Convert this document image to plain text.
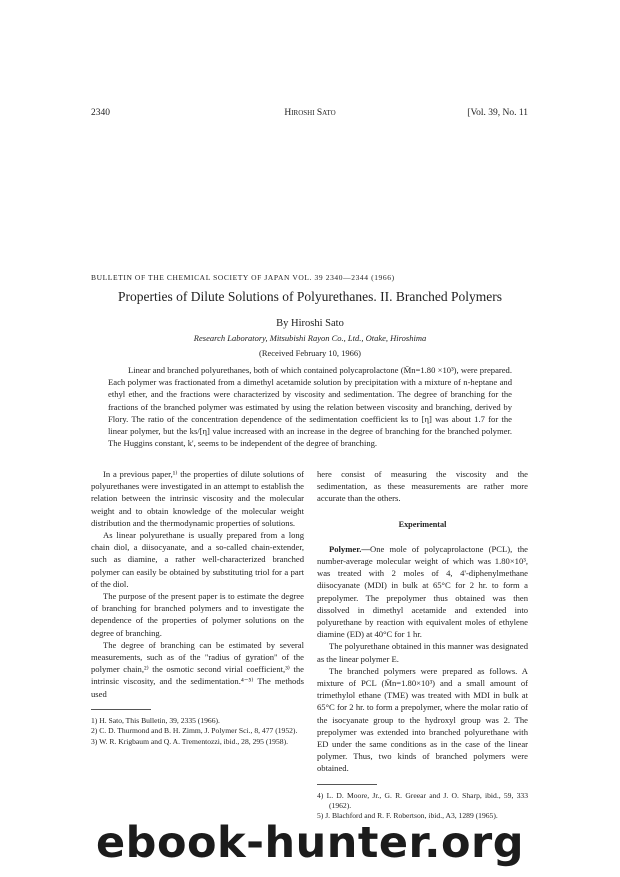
2340	Hiroshi Sato	[Vol. 39, No. 11
BULLETIN OF THE CHEMICAL SOCIETY OF JAPAN VOL. 39 2340—2344 (1966)
Properties of Dilute Solutions of Polyurethanes. II. Branched Polymers
By Hiroshi Sato
Research Laboratory, Mitsubishi Rayon Co., Ltd., Otake, Hiroshima
(Received February 10, 1966)
Linear and branched polyurethanes, both of which contained polycaprolactone (M̄n=1.80 ×10³), were prepared. Each polymer was fractionated from a dimethyl acetamide solution by precipitation with a mixture of n-heptane and ethyl ether, and the fractions were characterized by viscosity and sedimentation. The degree of branching for the fractions of the branched polymer was estimated by using the relation between viscosity and branching, derived by Flory. The ratio of the concentration dependence of the sedimentation coefficient ks to [η] was about 1.7 for the linear polymer, but the ks/[η] value increased with an increase in the degree of branching for the branched polymer. The Huggins constant, k', seems to be independent of the degree of branching.

In a previous paper,¹⁾ the properties of dilute solutions of polyurethanes were investigated in an attempt to establish the relation between the intrinsic viscosity and the molecular weight and to obtain knowledge of the molecular weight distribution and the thermodynamic properties of solutions.

As linear polyurethane is usually prepared from a long chain diol, a diisocyanate, and a so-called chain-extender, such as diamine, a rather well-characterized branched polymer can easily be obtained by substituting triol for a part of the diol.

The purpose of the present paper is to estimate the degree of branching for branched polymers and to investigate the dependence of the properties of polymer solutions on the degree of branching.

The degree of branching can be estimated by several measurements, such as of the "radius of gyration" of the polymer chain,²⁾ the osmotic second virial coefficient,³⁾ the intrinsic viscosity, and the sedimentation.⁴⁻⁵⁾ The methods used

1) H. Sato, This Bulletin, 39, 2335 (1966).

2) C. D. Thurmond and B. H. Zimm, J. Polymer Sci., 8, 477 (1952).

3) W. R. Krigbaum and Q. A. Trementozzi, ibid., 28, 295 (1958).

here consist of measuring the viscosity and the sedimentation, as these measurements are rather more accurate than the others.

Experimental

Polymer.—One mole of polycaprolactone (PCL), the number-average molecular weight of which was 1.80×10³, was treated with 2 moles of 4, 4'-diphenylmethane diisocyanate (MDI) in bulk at 65°C for 2 hr. to form a prepolymer. The prepolymer thus obtained was then dissolved in dimethyl acetamide and extended into polyurethane by reaction with equivalent moles of ethylene diamine (ED) at 40°C for 1 hr.

The polyurethane obtained in this manner was designated as the linear polymer E.

The branched polymers were prepared as follows. A mixture of PCL (M̄n=1.80×10³) and a small amount of trimethylol ethane (TME) was treated with MDI in bulk at 65°C for 2 hr. to form a prepolymer, where the molar ratio of the isocyanate group to the hydroxyl group was 2. The prepolymer was extended into branched polyurethane with ED under the same conditions as in the case of the linear polymer. Thus, two kinds of branched polymers were obtained.

4) L. D. Moore, Jr., G. R. Greear and J. O. Sharp, ibid., 59, 333 (1962).

5) J. Blachford and R. F. Robertson, ibid., A3, 1289 (1965).

ebook-hunter.org
